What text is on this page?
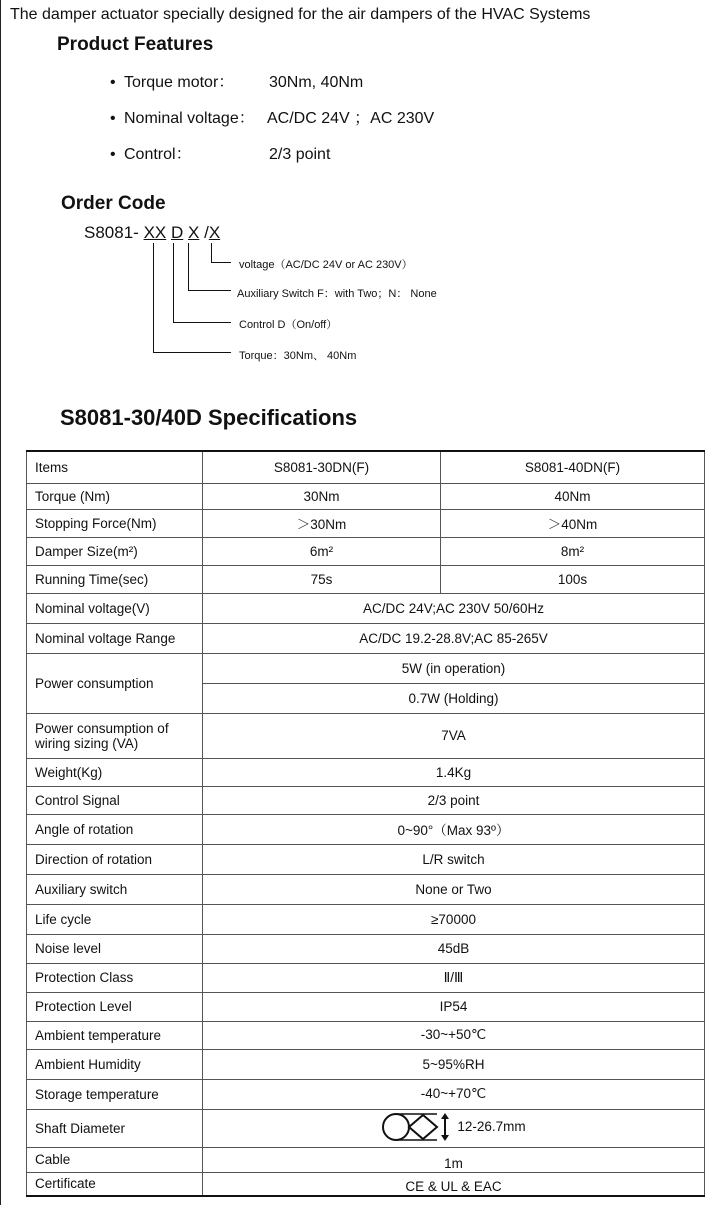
The damper actuator specially designed for the air dampers of the HVAC Systems
Product Features
• Torque motor： 30Nm, 40Nm
• Nominal voltage： AC/DC 24V ；AC 230V
• Control：	2/3 point
Order Code
S8081- XX D X /X
voltage（AC/DC 24V or AC 230V）
Auxiliary Switch F：with Two；N： None
Control D（On/off）
Torque：30Nm、 40Nm
S8081-30/40D Specifications
Items	S8081-30DN(F)	S8081-40DN(F)
Torque (Nm)	30Nm	40Nm
Stopping Force(Nm)	＞30Nm	＞40Nm
Damper Size(m²)	6m²	8m²
Running Time(sec)	75s	100s
Nominal voltage(V)	AC/DC 24V;AC 230V 50/60Hz	
Nominal voltage Range	AC/DC 19.2-28.8V;AC 85-265V	
Power consumption	5W (in operation)	
	0.7W (Holding)	
Power consumption of wiring sizing (VA)	7VA	
Weight(Kg)	1.4Kg	
Control Signal	2/3 point	
Angle of rotation	0~90°（Max 93º）	
Direction of rotation	L/R switch	
Auxiliary switch	None or Two	
Life cycle	≥70000	
Noise level	45dB	
Protection Class	Ⅱ/Ⅲ	
Protection Level	IP54	
Ambient temperature	-30~+50℃	
Ambient Humidity	5~95%RH	
Storage temperature	-40~+70℃	
Shaft Diameter	12-26.7mm	

Cable	1m	
Certificate	CE & UL & EAC	
